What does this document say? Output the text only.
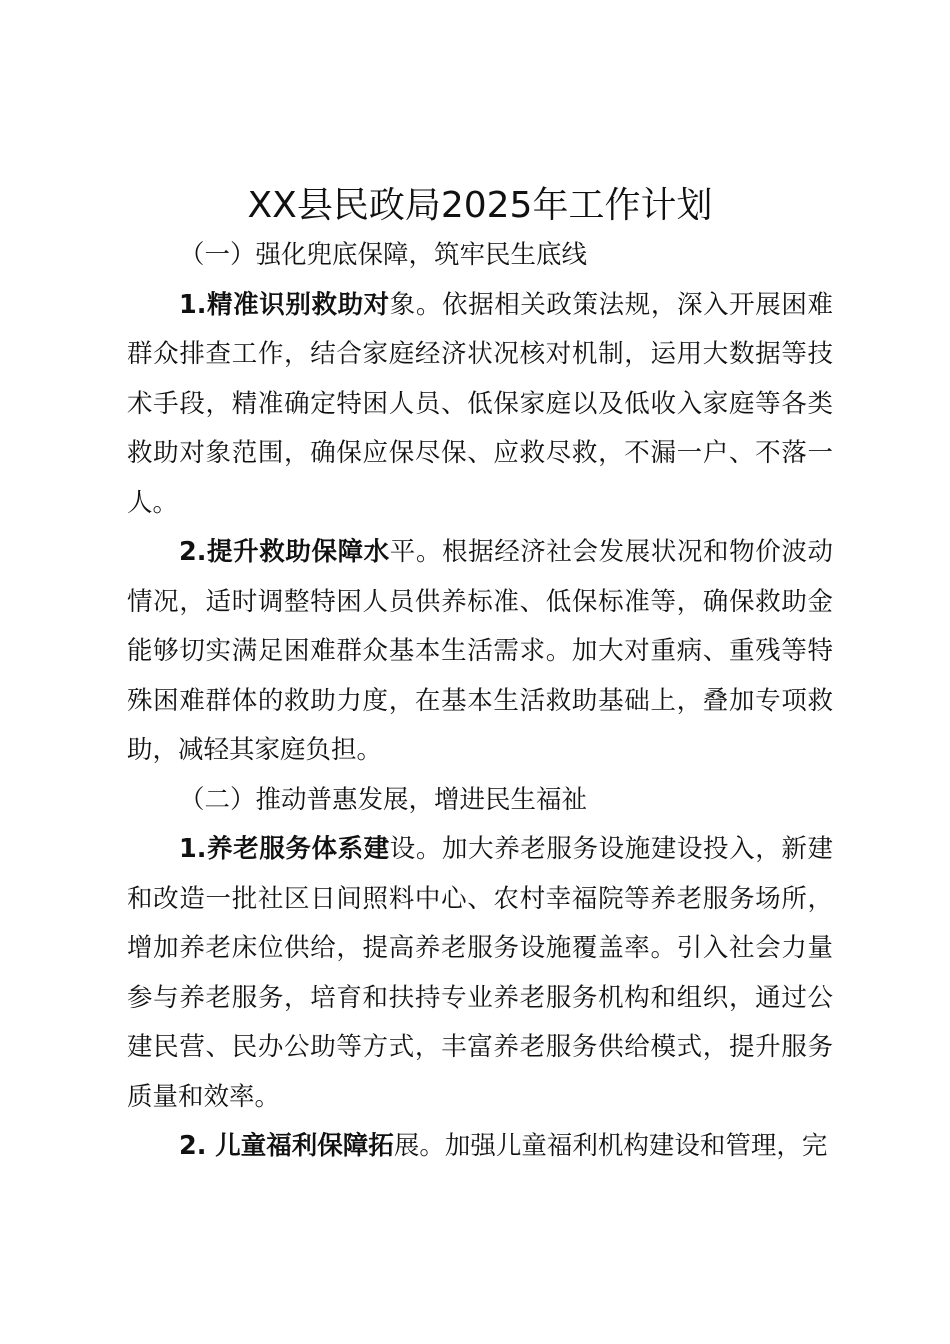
XX县民政局2025年工作计划

（一）强化兜底保障，筑牢民生底线

1.精准识别救助对象。依据相关政策法规，深入开展困难群众排查工作，结合家庭经济状况核对机制，运用大数据等技术手段，精准确定特困人员、低保家庭以及低收入家庭等各类救助对象范围，确保应保尽保、应救尽救，不漏一户、不落一人。

2.提升救助保障水平。根据经济社会发展状况和物价波动情况，适时调整特困人员供养标准、低保标准等，确保救助金能够切实满足困难群众基本生活需求。加大对重病、重残等特殊困难群体的救助力度，在基本生活救助基础上，叠加专项救助，减轻其家庭负担。

（二）推动普惠发展，增进民生福祉

1.养老服务体系建设。加大养老服务设施建设投入，新建和改造一批社区日间照料中心、农村幸福院等养老服务场所，增加养老床位供给，提高养老服务设施覆盖率。引入社会力量参与养老服务，培育和扶持专业养老服务机构和组织，通过公建民营、民办公助等方式，丰富养老服务供给模式，提升服务质量和效率。

2. 儿童福利保障拓展。加强儿童福利机构建设和管理，完
